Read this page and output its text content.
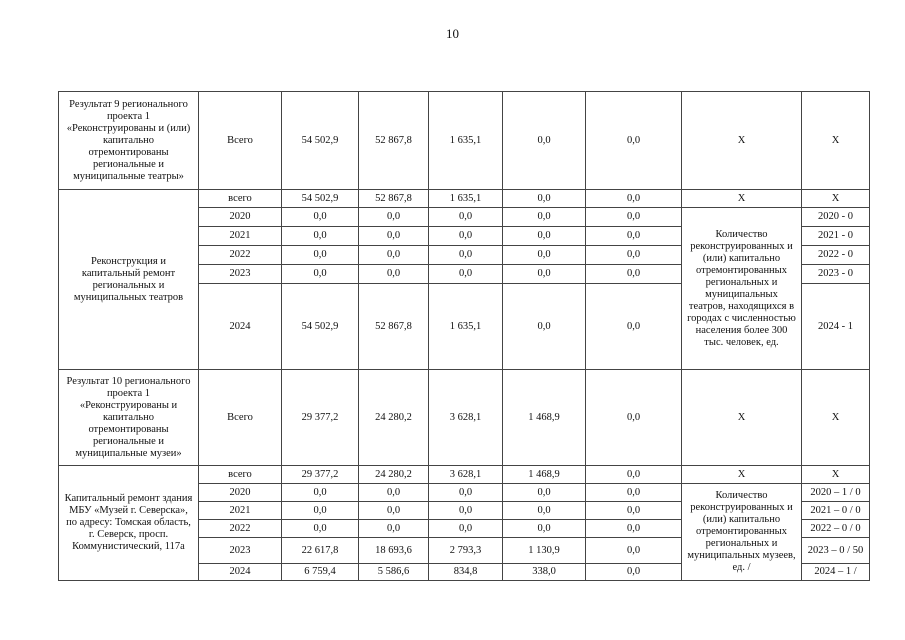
10
Результат 9 регионального проекта 1 «Реконструированы и (или) капитально отремонтированы региональные и муниципальные театры»	Всего	54 502,9	52 867,8	1 635,1	0,0	0,0	Х	Х
Реконструкция и капитальный ремонт региональных и муниципальных театров	всего	54 502,9	52 867,8	1 635,1	0,0	0,0	Х	Х
	2020	0,0	0,0	0,0	0,0	0,0	Количество реконструированных и (или) капитально отремонтированных региональных и муниципальных театров, находящихся в городах с численностью населения более 300 тыс. человек, ед.	2020 - 0
	2021	0,0	0,0	0,0	0,0	0,0		2021 - 0
	2022	0,0	0,0	0,0	0,0	0,0		2022 - 0
	2023	0,0	0,0	0,0	0,0	0,0		2023 - 0
	2024	54 502,9	52 867,8	1 635,1	0,0	0,0		2024 - 1
Результат 10 регионального проекта 1 «Реконструированы и капитально отремонтированы региональные и муниципальные музеи»	Всего	29 377,2	24 280,2	3 628,1	1 468,9	0,0	Х	Х
Капитальный ремонт здания МБУ «Музей г. Северска», по адресу: Томская область, г. Северск, просп. Коммунистический, 117а	всего	29 377,2	24 280,2	3 628,1	1 468,9	0,0	Х	Х
	2020	0,0	0,0	0,0	0,0	0,0	Количество реконструированных и (или) капитально отремонтированных региональных и муниципальных музеев, ед. /	2020 – 1 / 0
	2021	0,0	0,0	0,0	0,0	0,0		2021 – 0 / 0
	2022	0,0	0,0	0,0	0,0	0,0		2022 – 0 / 0
	2023	22 617,8	18 693,6	2 793,3	1 130,9	0,0		2023 – 0 / 50
	2024	6 759,4	5 586,6	834,8	338,0	0,0		2024 – 1 /
